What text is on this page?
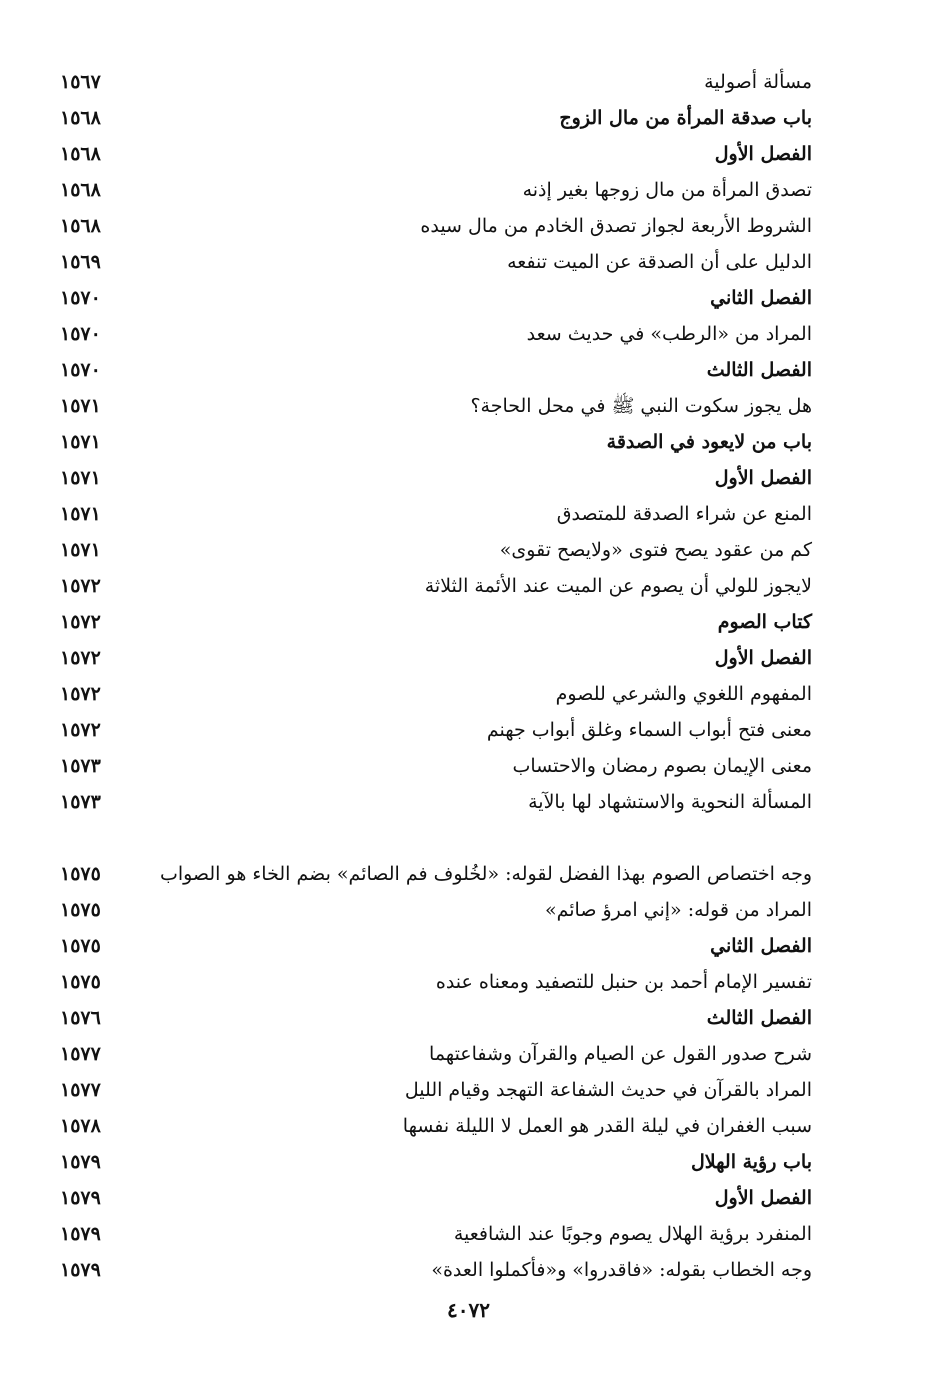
مسألة أصولية
١٥٦٧
باب صدقة المرأة من مال الزوج
١٥٦٨
الفصل الأول
١٥٦٨
تصدق المرأة من مال زوجها بغير إذنه
١٥٦٨
الشروط الأربعة لجواز تصدق الخادم من مال سيده
١٥٦٨
الدليل على أن الصدقة عن الميت تنفعه
١٥٦٩
الفصل الثاني
١٥٧٠
المراد من «الرطب» في حديث سعد
١٥٧٠
الفصل الثالث
١٥٧٠
هل يجوز سكوت النبي ﷺ في محل الحاجة؟
١٥٧١
باب من لايعود في الصدقة
١٥٧١
الفصل الأول
١٥٧١
المنع عن شراء الصدقة للمتصدق
١٥٧١
كم من عقود يصح فتوى «ولايصح تقوى»
١٥٧١
لايجوز للولي أن يصوم عن الميت عند الأئمة الثلاثة
١٥٧٢
كتاب الصوم
١٥٧٢
الفصل الأول
١٥٧٢
المفهوم اللغوي والشرعي للصوم
١٥٧٢
معنى فتح أبواب السماء وغلق أبواب جهنم
١٥٧٢
معنى الإيمان بصوم رمضان والاحتساب
١٥٧٣
المسألة النحوية والاستشهاد لها بالآية
١٥٧٣
وجه اختصاص الصوم بهذا الفضل لقوله: «لخُلوف فم الصائم» بضم الخاء هو الصواب
١٥٧٥
المراد من قوله: «إني امرؤ صائم»
١٥٧٥
الفصل الثاني
١٥٧٥
تفسير الإمام أحمد بن حنبل للتصفيد ومعناه عنده
١٥٧٥
الفصل الثالث
١٥٧٦
شرح صدور القول عن الصيام والقرآن وشفاعتهما
١٥٧٧
المراد بالقرآن في حديث الشفاعة التهجد وقيام الليل
١٥٧٧
سبب الغفران في ليلة القدر هو العمل لا الليلة نفسها
١٥٧٨
باب رؤية الهلال
١٥٧٩
الفصل الأول
١٥٧٩
المنفرد برؤية الهلال يصوم وجوبًا عند الشافعية
١٥٧٩
وجه الخطاب بقوله: «فاقدروا» و«فأكملوا العدة»
١٥٧٩
٤٠٧٢
